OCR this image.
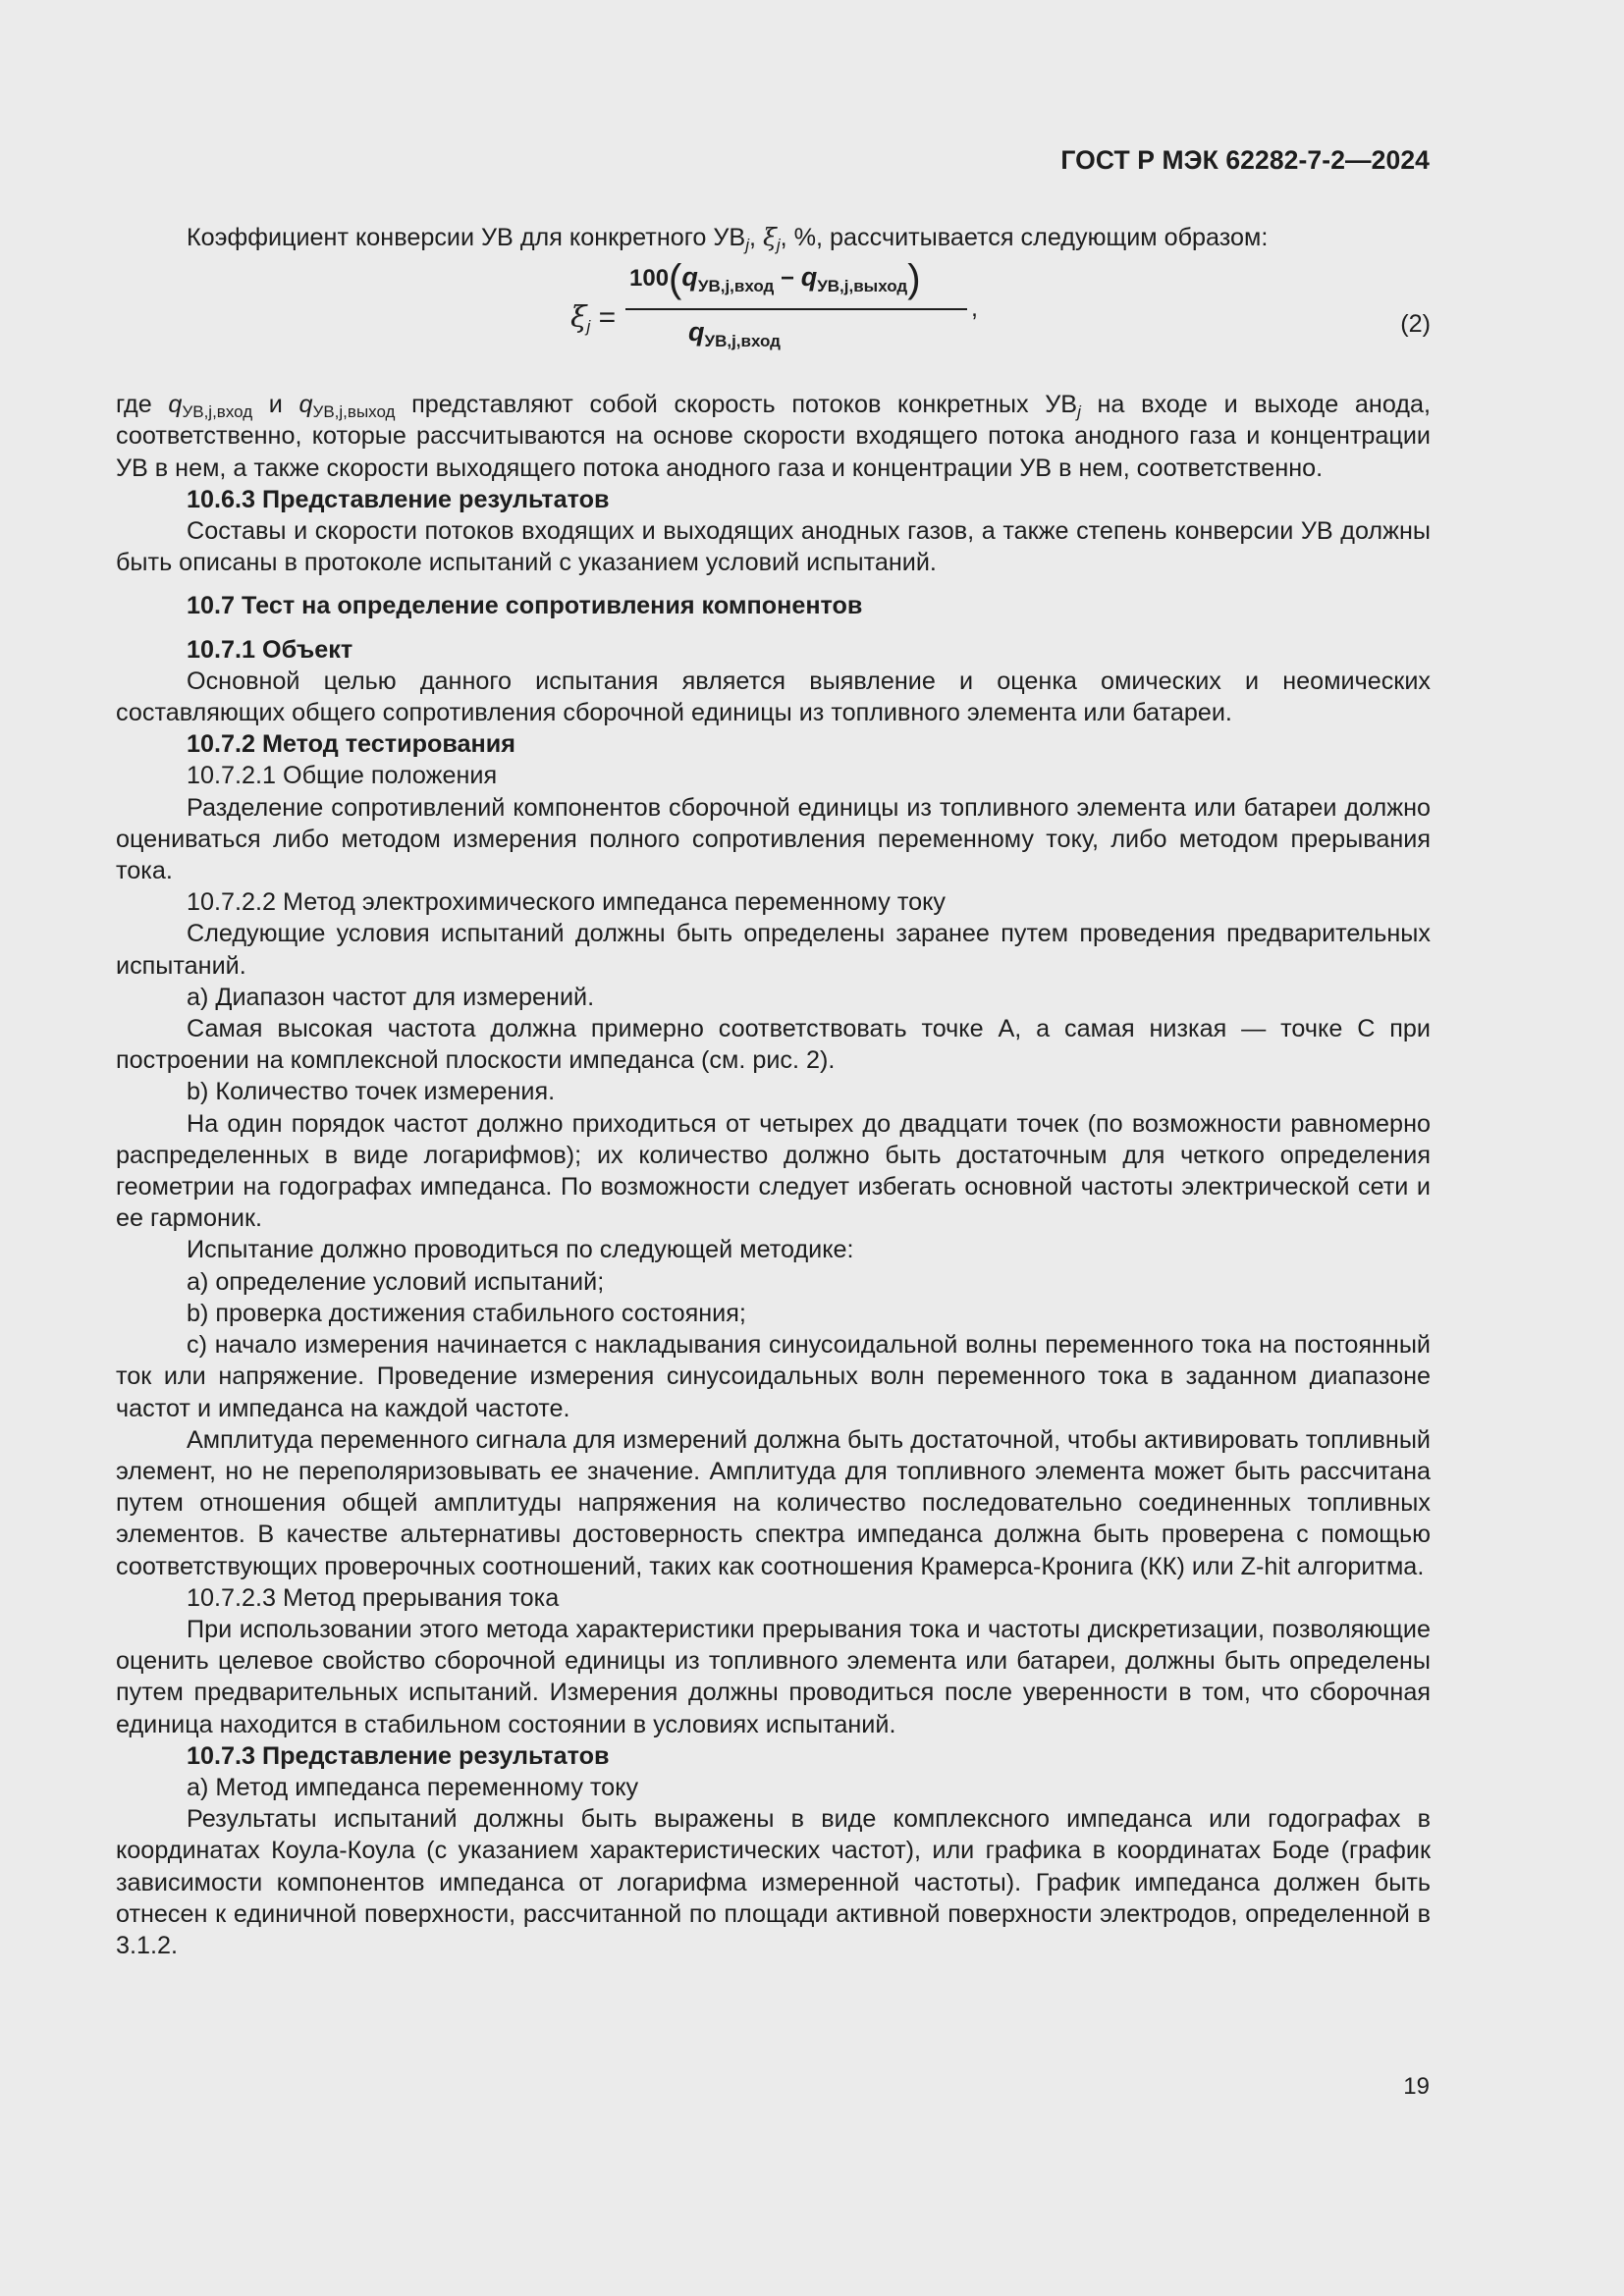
ГОСТ Р МЭК 62282-7-2—2024

Коэффициент конверсии УВ для конкретного $УВ_j$, $\xi_j$, %, рассчитывается следующим образом:

$\xi_j$ =
$100(q_{УВ,j,вход} - q_{УВ,j,выход})$
,
$q_{УВ,j,вход}$
(2)

где $q_{УВ,j,вход}$ и $q_{УВ,j,выход}$ представляют собой скорость потоков конкретных $УВ_j$ на входе и выходе анода, соответственно, которые рассчитываются на основе скорости входящего потока анодного газа и концентрации УВ в нем, а также скорости выходящего потока анодного газа и концентрации УВ в нем, соответственно.

10.6.3 Представление результатов

Составы и скорости потоков входящих и выходящих анодных газов, а также степень конверсии УВ должны быть описаны в протоколе испытаний с указанием условий испытаний.

10.7 Тест на определение сопротивления компонентов

10.7.1 Объект

Основной целью данного испытания является выявление и оценка омических и неомических составляющих общего сопротивления сборочной единицы из топливного элемента или батареи.

10.7.2 Метод тестирования

10.7.2.1 Общие положения

Разделение сопротивлений компонентов сборочной единицы из топливного элемента или батареи должно оцениваться либо методом измерения полного сопротивления переменному току, либо методом прерывания тока.

10.7.2.2 Метод электрохимического импеданса переменному току

Следующие условия испытаний должны быть определены заранее путем проведения предварительных испытаний.

a) Диапазон частот для измерений.

Самая высокая частота должна примерно соответствовать точке А, а самая низкая — точке С при построении на комплексной плоскости импеданса (см. рис. 2).

b) Количество точек измерения.

На один порядок частот должно приходиться от четырех до двадцати точек (по возможности равномерно распределенных в виде логарифмов); их количество должно быть достаточным для четкого определения геометрии на годографах импеданса. По возможности следует избегать основной частоты электрической сети и ее гармоник.

Испытание должно проводиться по следующей методике:

a) определение условий испытаний;

b) проверка достижения стабильного состояния;

c) начало измерения начинается с накладывания синусоидальной волны переменного тока на постоянный ток или напряжение. Проведение измерения синусоидальных волн переменного тока в заданном диапазоне частот и импеданса на каждой частоте.

Амплитуда переменного сигнала для измерений должна быть достаточной, чтобы активировать топливный элемент, но не переполяризовывать ее значение. Амплитуда для топливного элемента может быть рассчитана путем отношения общей амплитуды напряжения на количество последовательно соединенных топливных элементов. В качестве альтернативы достоверность спектра импеданса должна быть проверена с помощью соответствующих проверочных соотношений, таких как соотношения Крамерса-Кронига (КК) или Z-hit алгоритма.

10.7.2.3 Метод прерывания тока

При использовании этого метода характеристики прерывания тока и частоты дискретизации, позволяющие оценить целевое свойство сборочной единицы из топливного элемента или батареи, должны быть определены путем предварительных испытаний. Измерения должны проводиться после уверенности в том, что сборочная единица находится в стабильном состоянии в условиях испытаний.

10.7.3 Представление результатов

a) Метод импеданса переменному току

Результаты испытаний должны быть выражены в виде комплексного импеданса или годографах в координатах Коула-Коула (с указанием характеристических частот), или графика в координатах Боде (график зависимости компонентов импеданса от логарифма измеренной частоты). График импеданса должен быть отнесен к единичной поверхности, рассчитанной по площади активной поверхности электродов, определенной в 3.1.2.

19
